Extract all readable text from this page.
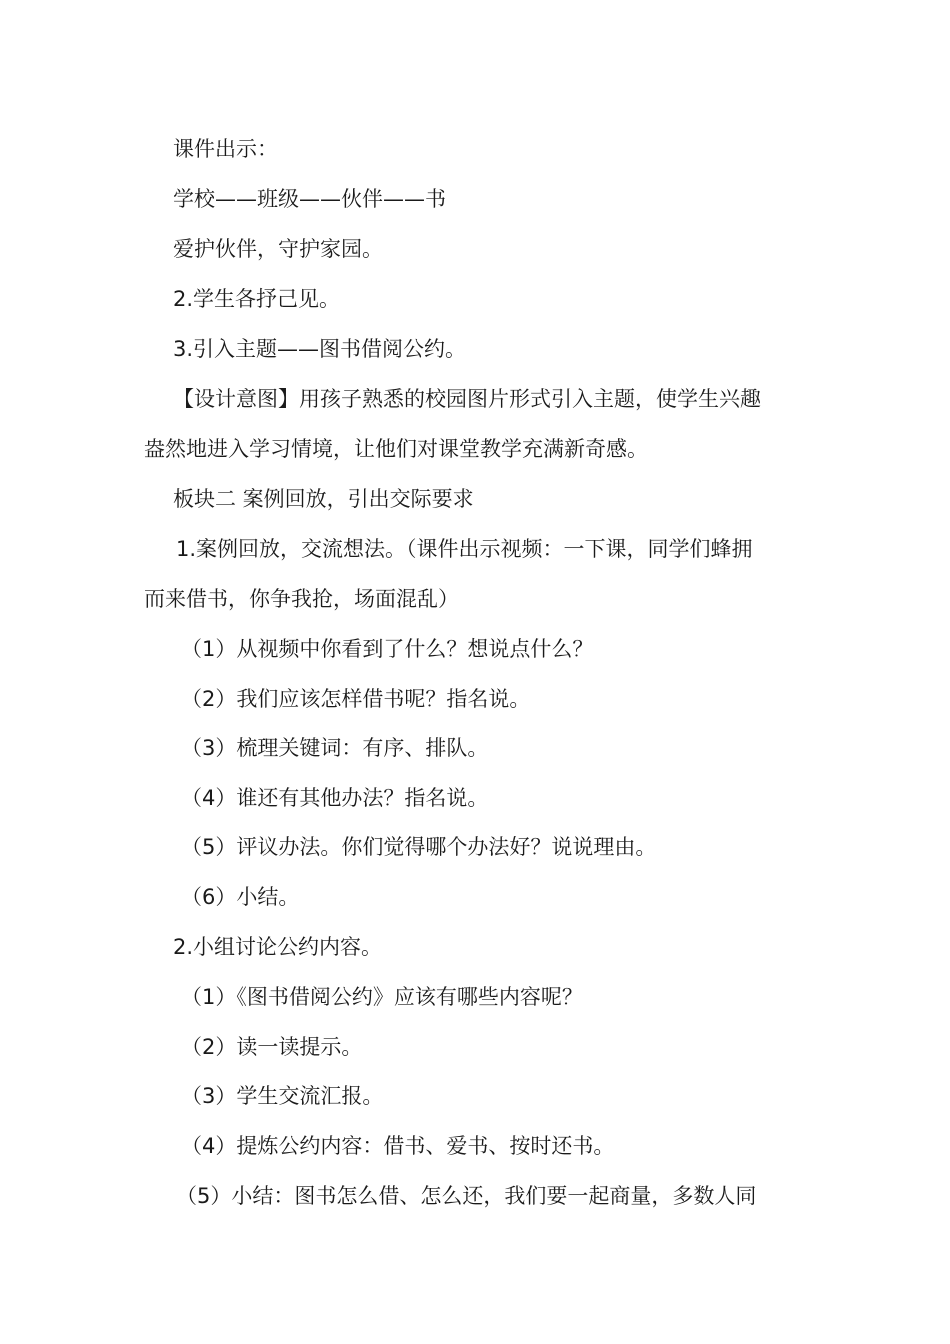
课件出示：
学校——班级——伙伴——书
爱护伙伴，守护家园。
2.学生各抒己见。
3.引入主题——图书借阅公约。
【设计意图】用孩子熟悉的校园图片形式引入主题，使学生兴趣
盎然地进入学习情境，让他们对课堂教学充满新奇感。
板块二 案例回放，引出交际要求
1.案例回放，交流想法。（课件出示视频：一下课，同学们蜂拥
而来借书，你争我抢，场面混乱）
（1）从视频中你看到了什么？想说点什么？
（2）我们应该怎样借书呢？指名说。
（3）梳理关键词：有序、排队。
（4）谁还有其他办法？指名说。
（5）评议办法。你们觉得哪个办法好？说说理由。
（6）小结。
2.小组讨论公约内容。
（1）《图书借阅公约》应该有哪些内容呢？
（2）读一读提示。
（3）学生交流汇报。
（4）提炼公约内容：借书、爱书、按时还书。
（5）小结：图书怎么借、怎么还，我们要一起商量，多数人同
